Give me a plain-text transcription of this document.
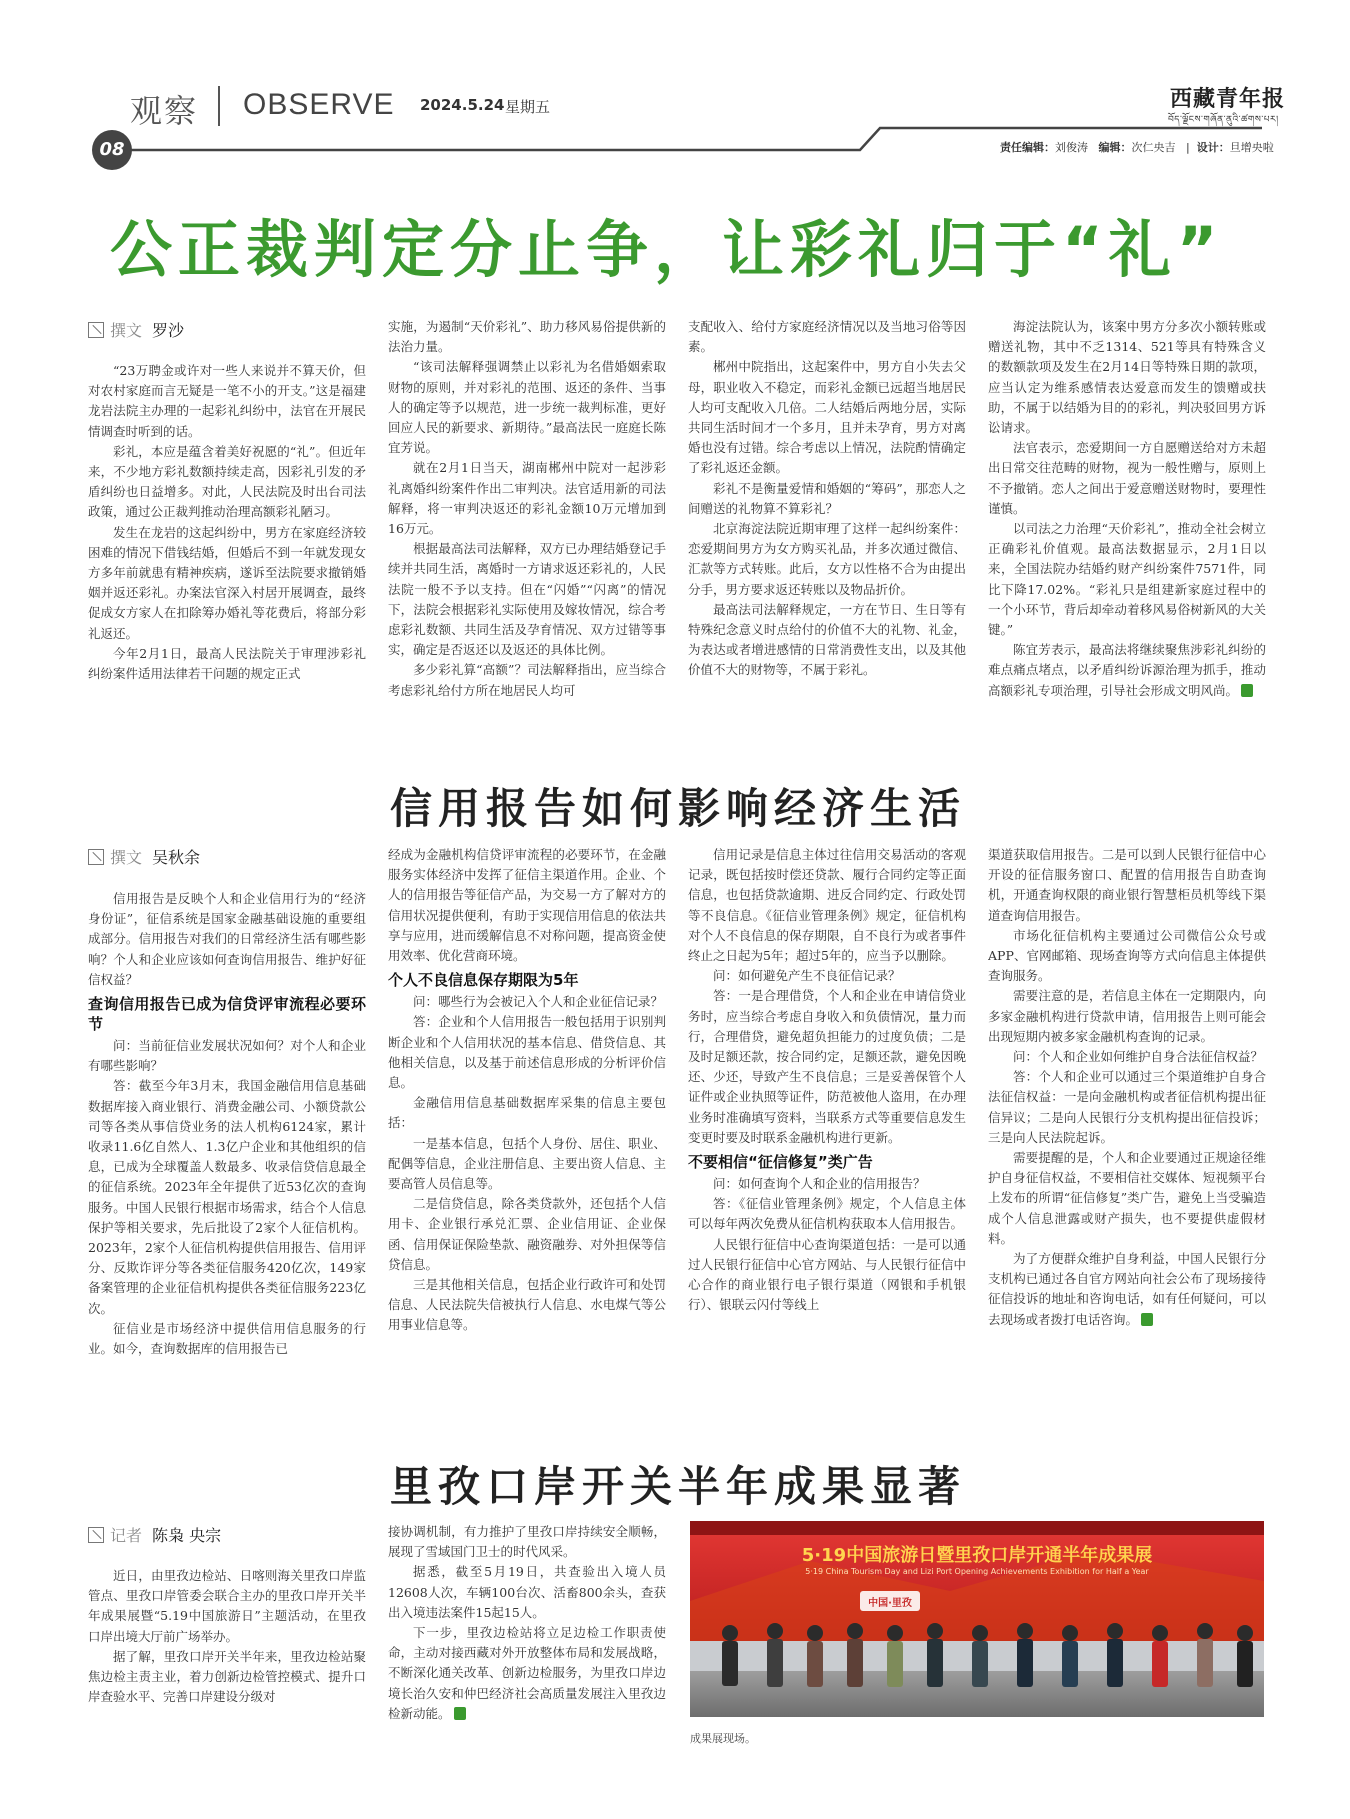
观察 OBSERVE 2024.5.24 星期五	西藏青年报
བོད་ལྗོངས་གཞོན་ནུའི་ཚགས་པར།
08	责任编辑：刘俊涛 编辑：次仁央吉   |  设计：旦增央啦
公正裁判定分止争，让彩礼归于“礼”
撰文 罗沙

“23万聘金或许对一些人来说并不算天价，但对农村家庭而言无疑是一笔不小的开支。”这是福建龙岩法院主办理的一起彩礼纠纷中，法官在开展民情调查时听到的话。

彩礼，本应是蕴含着美好祝愿的“礼”。但近年来，不少地方彩礼数额持续走高，因彩礼引发的矛盾纠纷也日益增多。对此，人民法院及时出台司法政策，通过公正裁判推动治理高额彩礼陋习。

发生在龙岩的这起纠纷中，男方在家庭经济较困难的情况下借钱结婚，但婚后不到一年就发现女方多年前就患有精神疾病，遂诉至法院要求撤销婚姻并返还彩礼。办案法官深入村居开展调查，最终促成女方家人在扣除筹办婚礼等花费后，将部分彩礼返还。

今年2月1日，最高人民法院关于审理涉彩礼纠纷案件适用法律若干问题的规定正式

实施，为遏制“天价彩礼”、助力移风易俗提供新的法治力量。

“该司法解释强调禁止以彩礼为名借婚姻索取财物的原则，并对彩礼的范围、返还的条件、当事人的确定等予以规范，进一步统一裁判标准，更好回应人民的新要求、新期待。”最高法民一庭庭长陈宜芳说。

就在2月1日当天，湖南郴州中院对一起涉彩礼离婚纠纷案件作出二审判决。法官适用新的司法解释，将一审判决返还的彩礼金额10万元增加到16万元。

根据最高法司法解释，双方已办理结婚登记手续并共同生活，离婚时一方请求返还彩礼的，人民法院一般不予以支持。但在“闪婚”“闪离”的情况下，法院会根据彩礼实际使用及嫁妆情况，综合考虑彩礼数额、共同生活及孕育情况、双方过错等事实，确定是否返还以及返还的具体比例。

多少彩礼算“高额”？司法解释指出，应当综合考虑彩礼给付方所在地居民人均可

支配收入、给付方家庭经济情况以及当地习俗等因素。

郴州中院指出，这起案件中，男方自小失去父母，职业收入不稳定，而彩礼金额已远超当地居民人均可支配收入几倍。二人结婚后两地分居，实际共同生活时间才一个多月，且并未孕育，男方对离婚也没有过错。综合考虑以上情况，法院酌情确定了彩礼返还金额。

彩礼不是衡量爱情和婚姻的“筹码”，那恋人之间赠送的礼物算不算彩礼？

北京海淀法院近期审理了这样一起纠纷案件：恋爱期间男方为女方购买礼品，并多次通过微信、汇款等方式转账。此后，女方以性格不合为由提出分手，男方要求返还转账以及物品折价。

最高法司法解释规定，一方在节日、生日等有特殊纪念意义时点给付的价值不大的礼物、礼金，为表达或者增进感情的日常消费性支出，以及其他价值不大的财物等，不属于彩礼。

海淀法院认为，该案中男方分多次小额转账或赠送礼物，其中不乏1314、521等具有特殊含义的数额款项及发生在2月14日等特殊日期的款项，应当认定为维系感情表达爱意而发生的馈赠或扶助，不属于以结婚为目的的彩礼，判决驳回男方诉讼请求。

法官表示，恋爱期间一方自愿赠送给对方未超出日常交往范畴的财物，视为一般性赠与，原则上不予撤销。恋人之间出于爱意赠送财物时，要理性谨慎。

以司法之力治理“天价彩礼”，推动全社会树立正确彩礼价值观。最高法数据显示，2月1日以来，全国法院办结婚约财产纠纷案件7571件，同比下降17.02%。“彩礼只是组建新家庭过程中的一个小环节，背后却牵动着移风易俗树新风的大关键。”

陈宜芳表示，最高法将继续聚焦涉彩礼纠纷的难点痛点堵点，以矛盾纠纷诉源治理为抓手，推动高额彩礼专项治理，引导社会形成文明风尚。

信用报告如何影响经济生活
撰文 吴秋余

信用报告是反映个人和企业信用行为的“经济身份证”，征信系统是国家金融基础设施的重要组成部分。信用报告对我们的日常经济生活有哪些影响？个人和企业应该如何查询信用报告、维护好征信权益？

查询信用报告已成为信贷评审流程必要环节

问：当前征信业发展状况如何？对个人和企业有哪些影响？

答：截至今年3月末，我国金融信用信息基础数据库接入商业银行、消费金融公司、小额贷款公司等各类从事信贷业务的法人机构6124家，累计收录11.6亿自然人、1.3亿户企业和其他组织的信息，已成为全球覆盖人数最多、收录信贷信息最全的征信系统。2023年全年提供了近53亿次的查询服务。中国人民银行根据市场需求，结合个人信息保护等相关要求，先后批设了2家个人征信机构。2023年，2家个人征信机构提供信用报告、信用评分、反欺诈评分等各类征信服务420亿次，149家备案管理的企业征信机构提供各类征信服务223亿次。

征信业是市场经济中提供信用信息服务的行业。如今，查询数据库的信用报告已

经成为金融机构信贷评审流程的必要环节，在金融服务实体经济中发挥了征信主渠道作用。企业、个人的信用报告等征信产品，为交易一方了解对方的信用状况提供便利，有助于实现信用信息的依法共享与应用，进而缓解信息不对称问题，提高资金使用效率、优化营商环境。

个人不良信息保存期限为5年

问：哪些行为会被记入个人和企业征信记录？

答：企业和个人信用报告一般包括用于识别判断企业和个人信用状况的基本信息、借贷信息、其他相关信息，以及基于前述信息形成的分析评价信息。

金融信用信息基础数据库采集的信息主要包括：

一是基本信息，包括个人身份、居住、职业、配偶等信息，企业注册信息、主要出资人信息、主要高管人员信息等。

二是信贷信息，除各类贷款外，还包括个人信用卡、企业银行承兑汇票、企业信用证、企业保函、信用保证保险垫款、融资融券、对外担保等信贷信息。

三是其他相关信息，包括企业行政许可和处罚信息、人民法院失信被执行人信息、水电煤气等公用事业信息等。

信用记录是信息主体过往信用交易活动的客观记录，既包括按时偿还贷款、履行合同约定等正面信息，也包括贷款逾期、进反合同约定、行政处罚等不良信息。《征信业管理条例》规定，征信机构对个人不良信息的保存期限，自不良行为或者事件终止之日起为5年；超过5年的，应当予以删除。

问：如何避免产生不良征信记录？

答：一是合理借贷，个人和企业在申请信贷业务时，应当综合考虑自身收入和负债情况，量力而行，合理借贷，避免超负担能力的过度负债；二是及时足额还款，按合同约定，足额还款，避免因晚还、少还，导致产生不良信息；三是妥善保管个人证件或企业执照等证件，防范被他人盗用，在办理业务时准确填写资料，当联系方式等重要信息发生变更时要及时联系金融机构进行更新。

不要相信“征信修复”类广告

问：如何查询个人和企业的信用报告？

答：《征信业管理条例》规定，个人信息主体可以每年两次免费从征信机构获取本人信用报告。

人民银行征信中心查询渠道包括：一是可以通过人民银行征信中心官方网站、与人民银行征信中心合作的商业银行电子银行渠道（网银和手机银行）、银联云闪付等线上

渠道获取信用报告。二是可以到人民银行征信中心开设的征信服务窗口、配置的信用报告自助查询机，开通查询权限的商业银行智慧柜员机等线下渠道查询信用报告。

市场化征信机构主要通过公司微信公众号或APP、官网邮箱、现场查询等方式向信息主体提供查询服务。

需要注意的是，若信息主体在一定期限内，向多家金融机构进行贷款申请，信用报告上则可能会出现短期内被多家金融机构查询的记录。

问：个人和企业如何维护自身合法征信权益？

答：个人和企业可以通过三个渠道维护自身合法征信权益：一是向金融机构或者征信机构提出征信异议；二是向人民银行分支机构提出征信投诉；三是向人民法院起诉。

需要提醒的是，个人和企业要通过正规途径维护自身征信权益，不要相信社交媒体、短视频平台上发布的所谓“征信修复”类广告，避免上当受骗造成个人信息泄露或财产损失，也不要提供虚假材料。

为了方便群众维护自身利益，中国人民银行分支机构已通过各自官方网站向社会公布了现场接待征信投诉的地址和咨询电话，如有任何疑问，可以去现场或者拨打电话咨询。

里孜口岸开关半年成果显著
记者 陈枭 央宗

近日，由里孜边检站、日喀则海关里孜口岸监管点、里孜口岸管委会联合主办的里孜口岸开关半年成果展暨“5.19中国旅游日”主题活动，在里孜口岸出境大厅前广场举办。

据了解，里孜口岸开关半年来，里孜边检站聚焦边检主责主业，着力创新边检管控模式、提升口岸查验水平、完善口岸建设分级对

接协调机制，有力推护了里孜口岸持续安全顺畅，展现了雪域国门卫士的时代风采。

据悉，截至5月19日，共查验出入境人员12608人次，车辆100台次、活畜800余头，查获出入境违法案件15起15人。

下一步，里孜边检站将立足边检工作职责使命，主动对接西藏对外开放整体布局和发展战略，不断深化通关改革、创新边检服务，为里孜口岸边境长治久安和仲巴经济社会高质量发展注入里孜边检新动能。

5·19中国旅游日暨里孜口岸开通半年成果展
5·19 China Tourism Day and Lizi Port Opening Achievements Exhibition for Half a Year
中国·里孜
成果展现场。
